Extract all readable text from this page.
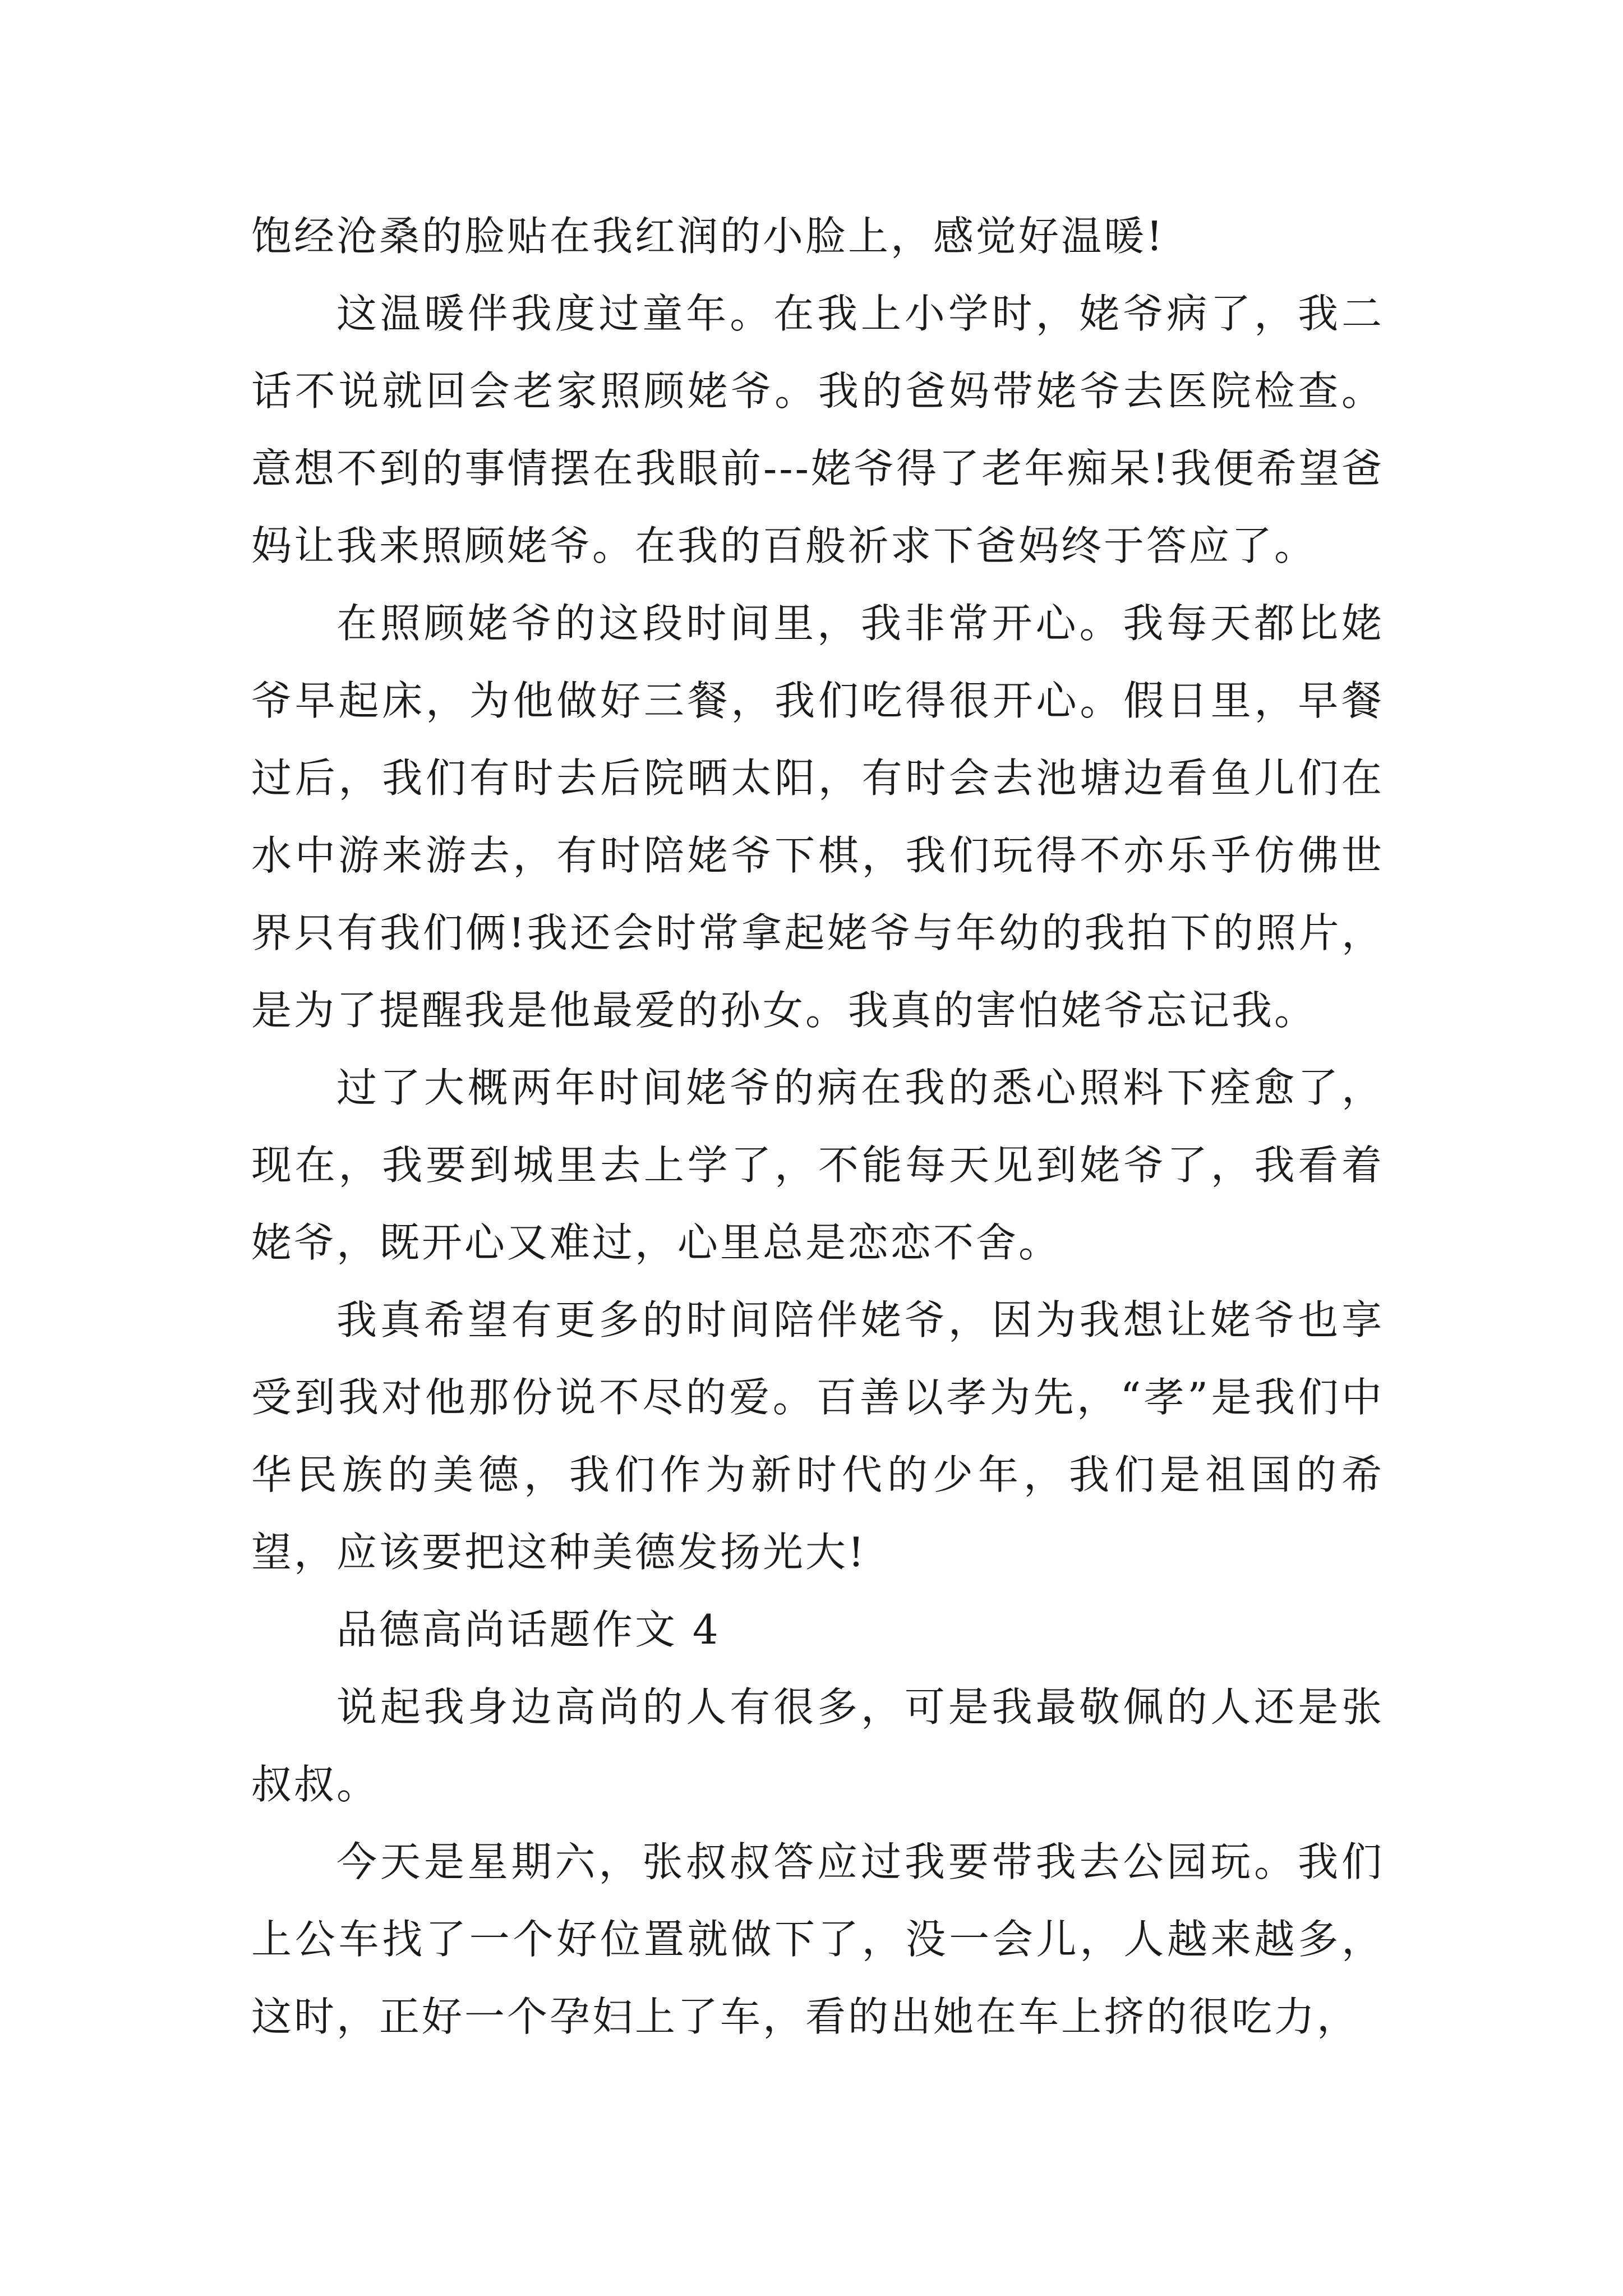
饱经沧桑的脸贴在我红润的小脸上，感觉好温暖!

这温暖伴我度过童年。在我上小学时，姥爷病了，我二话不说就回会老家照顾姥爷。我的爸妈带姥爷去医院检查。意想不到的事情摆在我眼前---姥爷得了老年痴呆!我便希望爸妈让我来照顾姥爷。在我的百般祈求下爸妈终于答应了。

在照顾姥爷的这段时间里，我非常开心。我每天都比姥爷早起床，为他做好三餐，我们吃得很开心。假日里，早餐过后，我们有时去后院晒太阳，有时会去池塘边看鱼儿们在水中游来游去，有时陪姥爷下棋，我们玩得不亦乐乎仿佛世界只有我们俩!我还会时常拿起姥爷与年幼的我拍下的照片，是为了提醒我是他最爱的孙女。我真的害怕姥爷忘记我。

过了大概两年时间姥爷的病在我的悉心照料下痊愈了，现在，我要到城里去上学了，不能每天见到姥爷了，我看着姥爷，既开心又难过，心里总是恋恋不舍。

我真希望有更多的时间陪伴姥爷，因为我想让姥爷也享受到我对他那份说不尽的爱。百善以孝为先，“孝”是我们中华民族的美德，我们作为新时代的少年，我们是祖国的希望，应该要把这种美德发扬光大!

品德高尚话题作文 4

说起我身边高尚的人有很多，可是我最敬佩的人还是张叔叔。

今天是星期六，张叔叔答应过我要带我去公园玩。我们上公车找了一个好位置就做下了，没一会儿，人越来越多，这时，正好一个孕妇上了车，看的出她在车上挤的很吃力，
